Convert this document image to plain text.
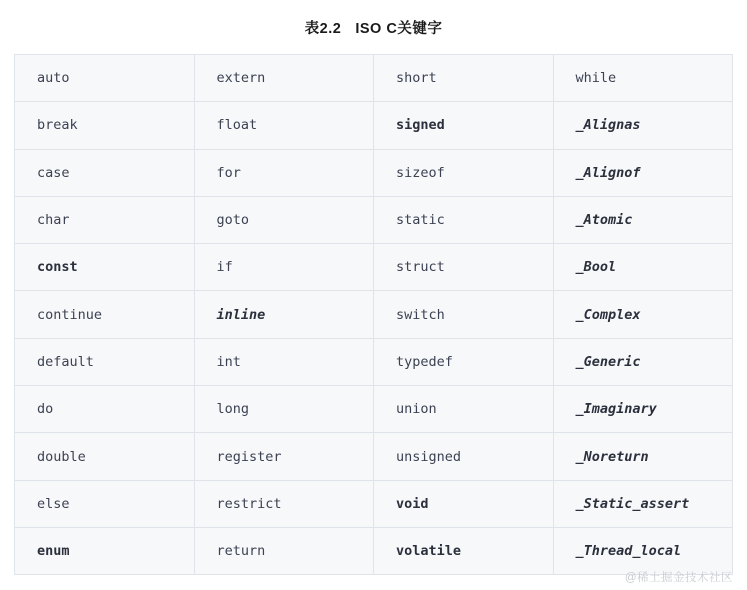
表2.2 ISO C关键字
auto	extern	short	while
break	float	signed	_Alignas
case	for	sizeof	_Alignof
char	goto	static	_Atomic
const	if	struct	_Bool
continue	inline	switch	_Complex
default	int	typedef	_Generic
do	long	union	_Imaginary
double	register	unsigned	_Noreturn
else	restrict	void	_Static_assert
enum	return	volatile	_Thread_local
@稀土掘金技术社区
